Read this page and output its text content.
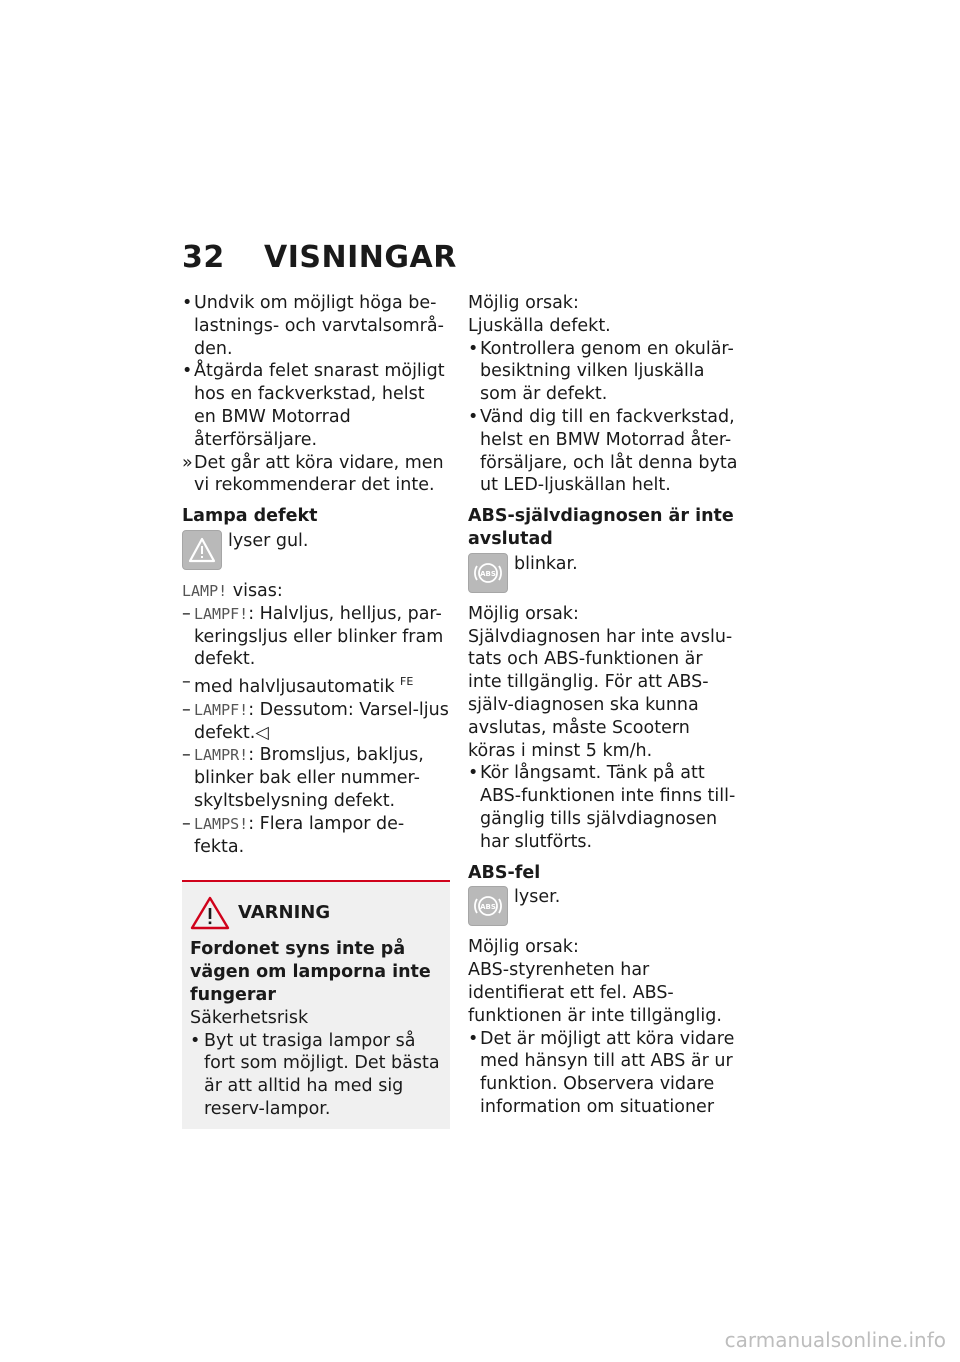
32 VISNINGAR

• Undvik om möjligt höga be-lastnings- och varvtalsområ-den.

• Åtgärda felet snarast möjligt hos en fackverkstad, helst en BMW Motorrad återförsäljare.

» Det går att köra vidare, men vi rekommenderar det inte.

Lampa defekt

lyser gul.

LAMP! visas:

– LAMPF!: Halvljus, helljus, par-keringsljus eller blinker fram defekt.

– med halvljusautomatik $^{FE}$

– LAMPF!: Dessutom: Varsel-ljus defekt.◁

– LAMPR!: Bromsljus, bakljus, blinker bak eller nummer-skyltsbelysning defekt.

– LAMPS!: Flera lampor de-fekta.

VARNING

Fordonet syns inte på vägen om lamporna inte fungerar

Säkerhetsrisk

• Byt ut trasiga lampor så fort som möjligt. Det bästa är att alltid ha med sig reserv-lampor.

Möjlig orsak:

Ljuskälla defekt.

• Kontrollera genom en okulär-besiktning vilken ljuskälla som är defekt.

• Vänd dig till en fackverkstad, helst en BMW Motorrad åter-försäljare, och låt denna byta ut LED-ljuskällan helt.

ABS-självdiagnosen är inte avslutad

ABS blinkar.

Möjlig orsak:

Självdiagnosen har inte avslu-tats och ABS-funktionen är inte tillgänglig. För att ABS-själv-diagnosen ska kunna avslutas, måste Scootern köras i minst 5 km/h.

• Kör långsamt. Tänk på att ABS-funktionen inte finns till-gänglig tills självdiagnosen har slutförts.

ABS-fel

ABS lyser.

Möjlig orsak:

ABS-styrenheten har identifierat ett fel. ABS-funktionen är inte tillgänglig.

• Det är möjligt att köra vidare med hänsyn till att ABS är ur funktion. Observera vidare information om situationer

carmanualsonline.info
